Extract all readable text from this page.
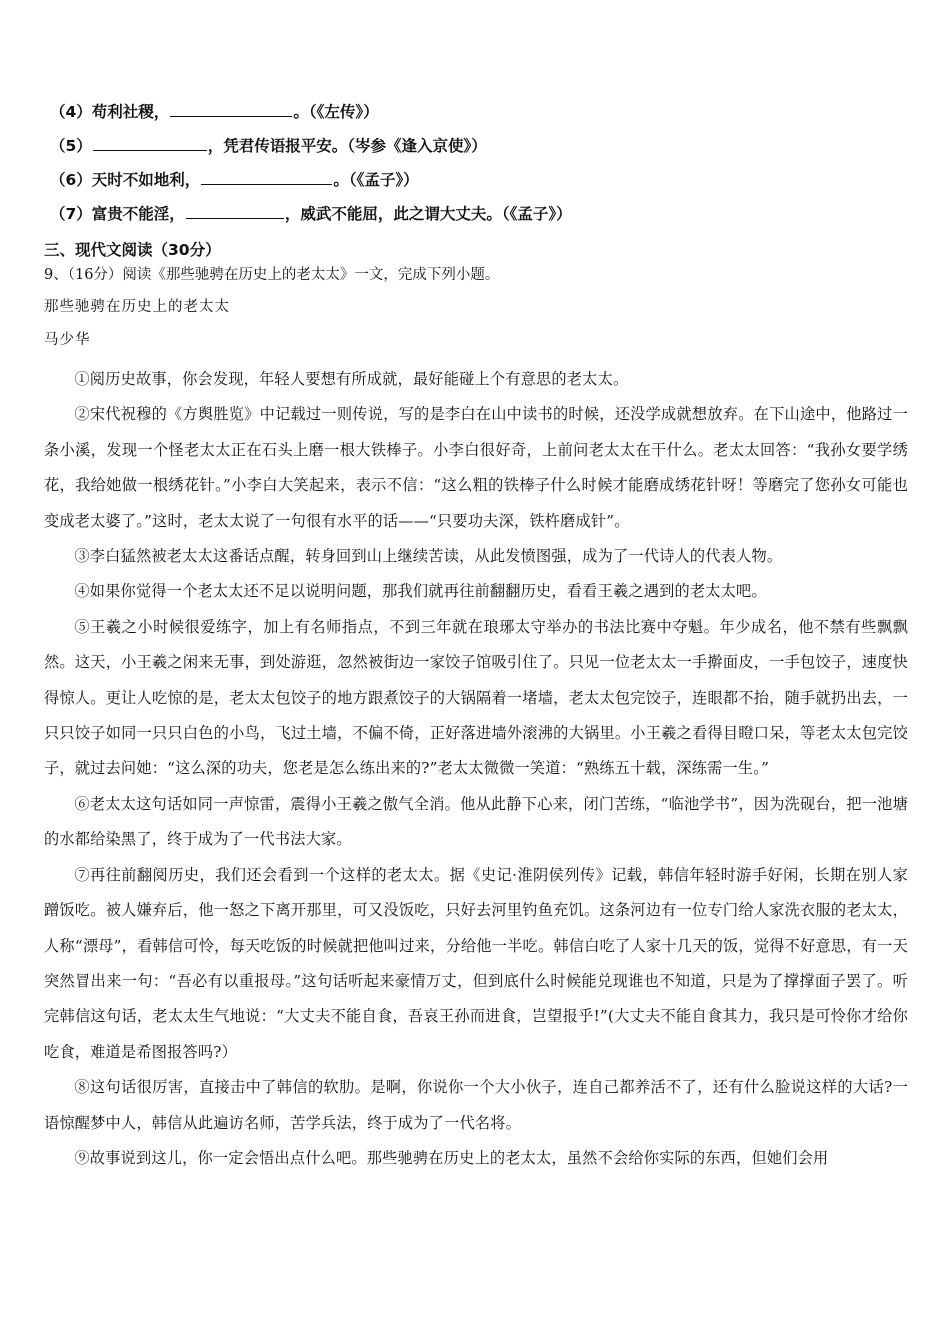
（4）苟利社稷，	。（《左传》）
（5）	，凭君传语报平安。（岑参《逢入京使》）
（6）天时不如地利，	。（《孟子》）
（7）富贵不能淫，	，威武不能屈，此之谓大丈夫。（《孟子》）
三、现代文阅读（30分）
9、（16分）阅读《那些驰骋在历史上的老太太》一文，完成下列小题。
那些驰骋在历史上的老太太
马少华

①阅历史故事，你会发现，年轻人要想有所成就，最好能碰上个有意思的老太太。

②宋代祝穆的《方舆胜览》中记载过一则传说，写的是李白在山中读书的时候，还没学成就想放弃。在下山途中，他路过一条小溪，发现一个怪老太太正在石头上磨一根大铁棒子。小李白很好奇，上前问老太太在干什么。老太太回答：“我孙女要学绣花，我给她做一根绣花针。”小李白大笑起来，表示不信：“这么粗的铁棒子什么时候才能磨成绣花针呀！等磨完了您孙女可能也变成老太婆了。”这时，老太太说了一句很有水平的话——“只要功夫深，铁杵磨成针”。

③李白猛然被老太太这番话点醒，转身回到山上继续苦读，从此发愤图强，成为了一代诗人的代表人物。

④如果你觉得一个老太太还不足以说明问题，那我们就再往前翻翻历史，看看王羲之遇到的老太太吧。

⑤王羲之小时候很爱练字，加上有名师指点，不到三年就在琅琊太守举办的书法比赛中夺魁。年少成名，他不禁有些飘飘然。这天，小王羲之闲来无事，到处游逛，忽然被街边一家饺子馆吸引住了。只见一位老太太一手擀面皮，一手包饺子，速度快得惊人。更让人吃惊的是，老太太包饺子的地方跟煮饺子的大锅隔着一堵墙，老太太包完饺子，连眼都不抬，随手就扔出去，一只只饺子如同一只只白色的小鸟，飞过土墙，不偏不倚，正好落进墙外滚沸的大锅里。小王羲之看得目瞪口呆，等老太太包完饺子，就过去问她：“这么深的功夫，您老是怎么练出来的?”老太太微微一笑道：“熟练五十载，深练需一生。”

⑥老太太这句话如同一声惊雷，震得小王羲之傲气全消。他从此静下心来，闭门苦练，“临池学书”，因为洗砚台，把一池塘的水都给染黑了，终于成为了一代书法大家。

⑦再往前翻阅历史，我们还会看到一个这样的老太太。据《史记·淮阴侯列传》记载，韩信年轻时游手好闲，长期在别人家蹭饭吃。被人嫌弃后，他一怒之下离开那里，可又没饭吃，只好去河里钓鱼充饥。这条河边有一位专门给人家洗衣服的老太太，人称“漂母”，看韩信可怜，每天吃饭的时候就把他叫过来，分给他一半吃。韩信白吃了人家十几天的饭，觉得不好意思，有一天突然冒出来一句：“吾必有以重报母。”这句话听起来豪情万丈，但到底什么时候能兑现谁也不知道，只是为了撑撑面子罢了。听完韩信这句话，老太太生气地说：“大丈夫不能自食，吾哀王孙而进食，岂望报乎!”(大丈夫不能自食其力，我只是可怜你才给你吃食，难道是希图报答吗?）

⑧这句话很厉害，直接击中了韩信的软肋。是啊，你说你一个大小伙子，连自己都养活不了，还有什么脸说这样的大话?一语惊醒梦中人，韩信从此遍访名师，苦学兵法，终于成为了一代名将。

⑨故事说到这儿，你一定会悟出点什么吧。那些驰骋在历史上的老太太，虽然不会给你实际的东西，但她们会用
